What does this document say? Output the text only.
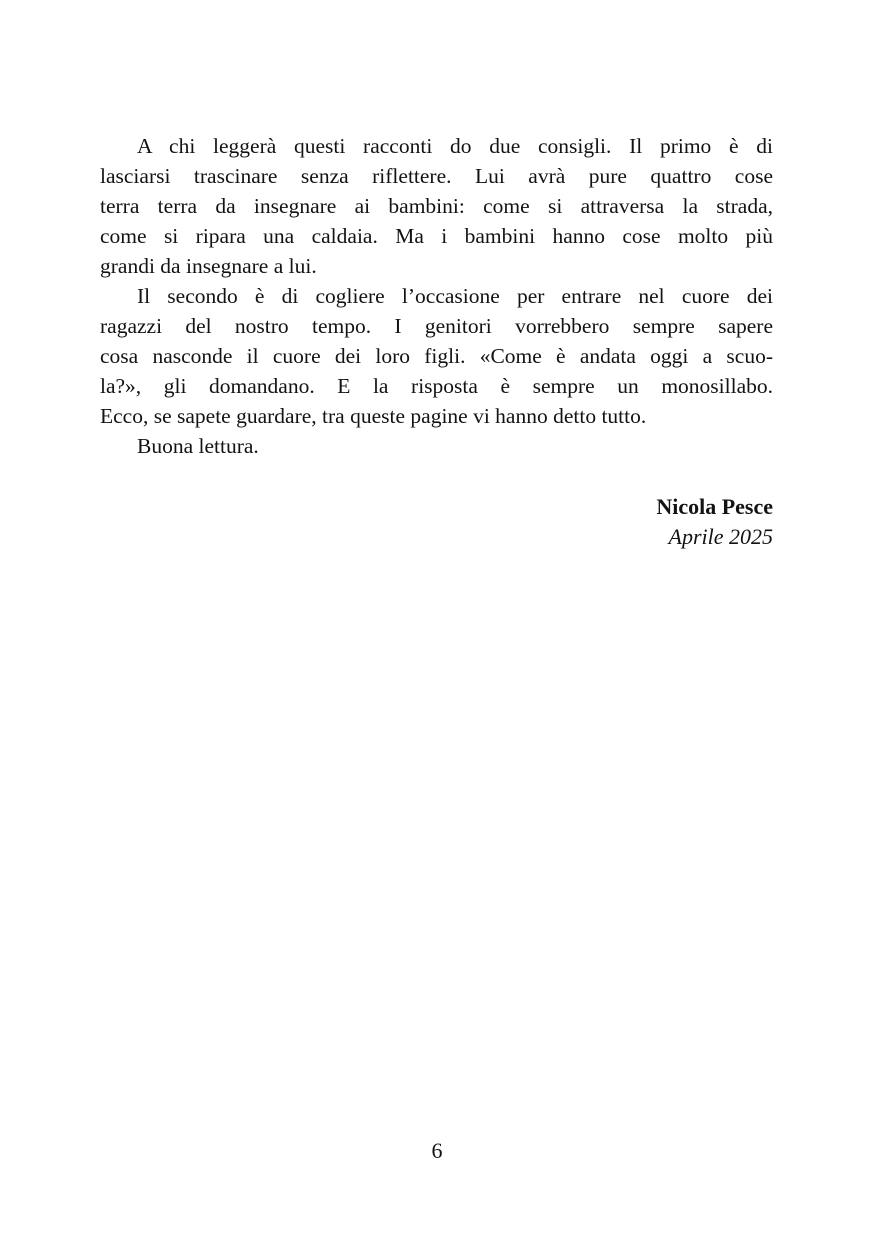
A chi leggerà questi racconti do due consigli. Il primo è di
lasciarsi trascinare senza riflettere. Lui avrà pure quattro cose
terra terra da insegnare ai bambini: come si attraversa la strada,
come si ripara una caldaia. Ma i bambini hanno cose molto più
grandi da insegnare a lui.
Il secondo è di cogliere l’occasione per entrare nel cuore dei
ragazzi del nostro tempo. I genitori vorrebbero sempre sapere
cosa nasconde il cuore dei loro figli. «Come è andata oggi a scuo-
la?», gli domandano. E la risposta è sempre un monosillabo.
Ecco, se sapete guardare, tra queste pagine vi hanno detto tutto.
Buona lettura.
Nicola Pesce
Aprile 2025
6
